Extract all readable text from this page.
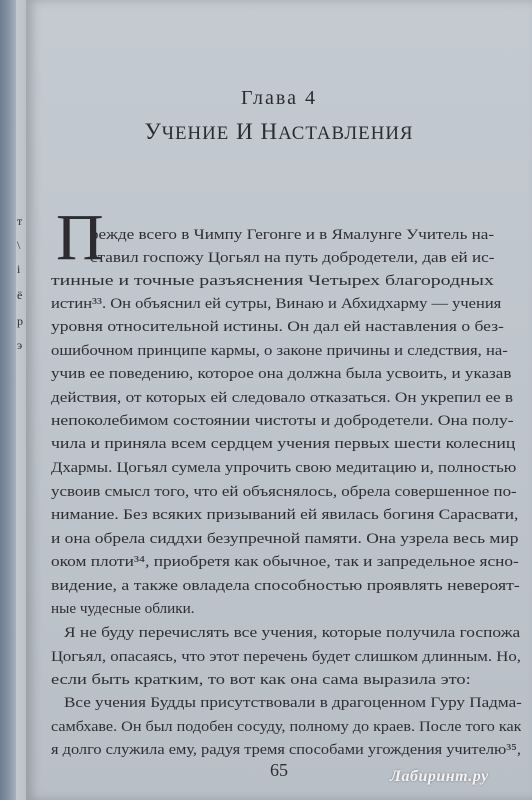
т
\
і
ё
р
э
Глава 4
УЧЕНИЕ И НАСТАВЛЕНИЯ
П
режде всего в Чимпу Гегонге и в Ямалунге Учитель на-
ставил госпожу Цогьял на путь добродетели, дав ей ис-
тинные и точные разъяснения Четырех благородных
истин³³. Он объяснил ей сутры, Винаю и Абхидхарму — учения
уровня относительной истины. Он дал ей наставления о без-
ошибочном принципе кармы, о законе причины и следствия, на-
учив ее поведению, которое она должна была усвоить, и указав
действия, от которых ей следовало отказаться. Он укрепил ее в
непоколебимом состоянии чистоты и добродетели. Она полу-
чила и приняла всем сердцем учения первых шести колесниц
Дхармы. Цогьял сумела упрочить свою медитацию и, полностью
усвоив смысл того, что ей объяснялось, обрела совершенное по-
нимание. Без всяких призываний ей явилась богиня Сарасвати,
и она обрела сиддхи безупречной памяти. Она узрела весь мир
оком плоти³⁴, приобретя как обычное, так и запредельное ясно-
видение, а также овладела способностью проявлять невероят-
ные чудесные облики.
Я не буду перечислять все учения, которые получила госпожа
Цогьял, опасаясь, что этот перечень будет слишком длинным. Но,
если быть кратким, то вот как она сама выразила это:
Все учения Будды присутствовали в драгоценном Гуру Падма-
самбхаве. Он был подобен сосуду, полному до краев. После того как
я долго служила ему, радуя тремя способами угождения учителю³⁵,
65	Лабиринт.ру
